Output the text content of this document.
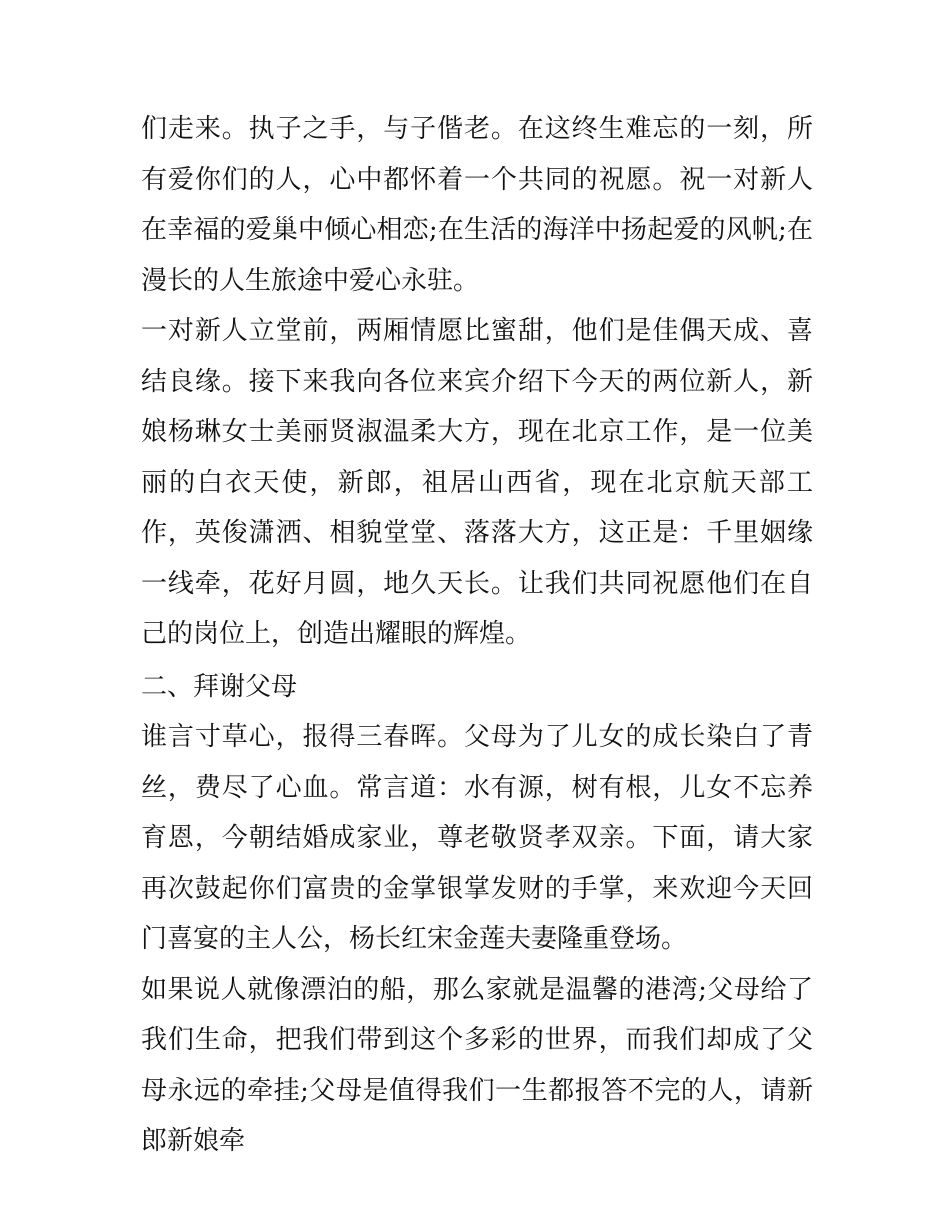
们走来。执子之手，与子偕老。在这终生难忘的一刻，所有爱你们的人，心中都怀着一个共同的祝愿。祝一对新人在幸福的爱巢中倾心相恋;在生活的海洋中扬起爱的风帆;在漫长的人生旅途中爱心永驻。

一对新人立堂前，两厢情愿比蜜甜，他们是佳偶天成、喜结良缘。接下来我向各位来宾介绍下今天的两位新人，新娘杨琳女士美丽贤淑温柔大方，现在北京工作，是一位美丽的白衣天使，新郎，祖居山西省，现在北京航天部工作，英俊潇洒、相貌堂堂、落落大方，这正是：千里姻缘一线牵，花好月圆，地久天长。让我们共同祝愿他们在自己的岗位上，创造出耀眼的辉煌。

二、拜谢父母

谁言寸草心，报得三春晖。父母为了儿女的成长染白了青丝，费尽了心血。常言道：水有源，树有根，儿女不忘养育恩，今朝结婚成家业，尊老敬贤孝双亲。下面，请大家再次鼓起你们富贵的金掌银掌发财的手掌，来欢迎今天回门喜宴的主人公，杨长红宋金莲夫妻隆重登场。

如果说人就像漂泊的船，那么家就是温馨的港湾;父母给了我们生命，把我们带到这个多彩的世界，而我们却成了父母永远的牵挂;父母是值得我们一生都报答不完的人，请新郎新娘牵
